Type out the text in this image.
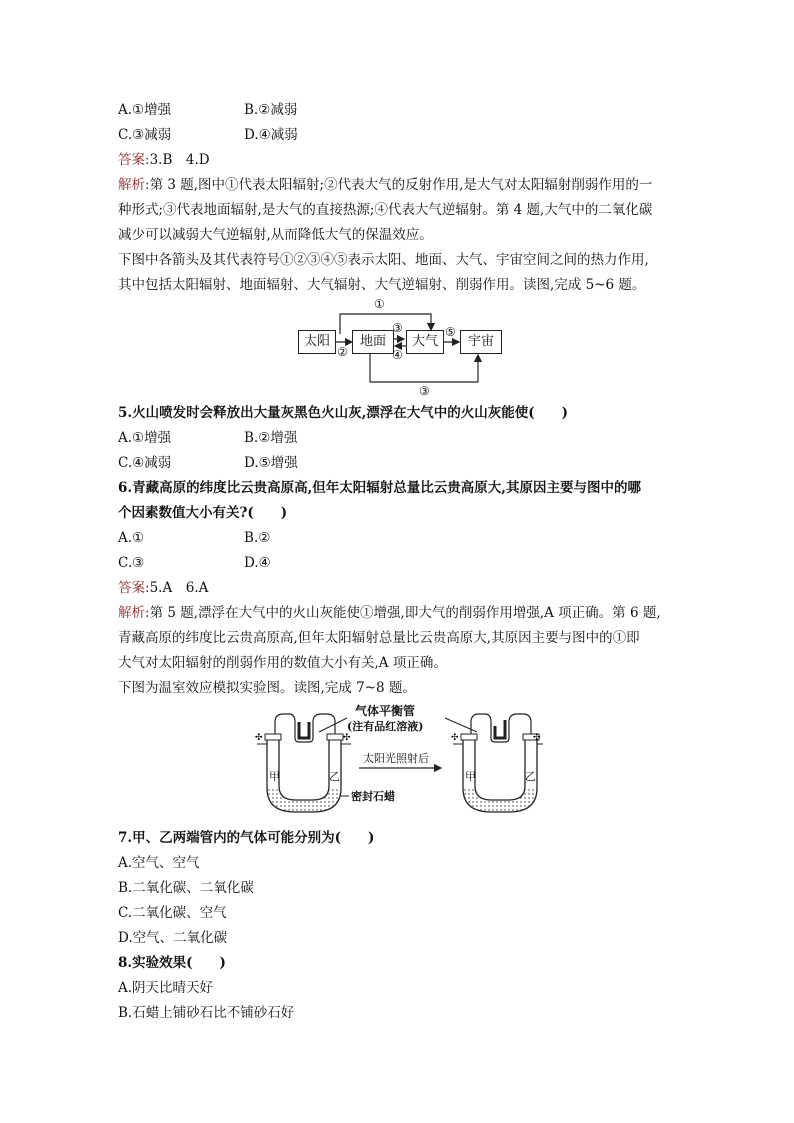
A.①增强	B.②减弱
C.③减弱	D.④减弱
答案:3.B　4.D
解析:第 3 题,图中①代表太阳辐射;②代表大气的反射作用,是大气对太阳辐射削弱作用的一
种形式;③代表地面辐射,是大气的直接热源;④代表大气逆辐射。第 4 题,大气中的二氧化碳
减少可以减弱大气逆辐射,从而降低大气的保温效应。
下图中各箭头及其代表符号①②③④⑤表示太阳、地面、大气、宇宙空间之间的热力作用,
其中包括太阳辐射、地面辐射、大气辐射、大气逆辐射、削弱作用。读图,完成 5~6 题。
太阳	地面	大气	宇宙
①
②
③
④
⑤
③
5.火山喷发时会释放出大量灰黑色火山灰,漂浮在大气中的火山灰能使(　　)
A.①增强	B.②增强
C.④减弱	D.⑤增强
6.青藏高原的纬度比云贵高原高,但年太阳辐射总量比云贵高原大,其原因主要与图中的哪
个因素数值大小有关?(　　)
A.①	B.②
C.③	D.④
答案:5.A　6.A
解析:第 5 题,漂浮在大气中的火山灰能使①增强,即大气的削弱作用增强,A 项正确。第 6 题,
青藏高原的纬度比云贵高原高,但年太阳辐射总量比云贵高原大,其原因主要与图中的①即
大气对太阳辐射的削弱作用的数值大小有关,A 项正确。
下图为温室效应模拟实验图。读图,完成 7~8 题。
✣	✣	✣	✣
气体平衡管
(注有品红溶液)
太阳光照射后
密封石蜡
甲	乙	甲	乙
7.甲、乙两端管内的气体可能分别为(　　)
A.空气、空气
B.二氧化碳、二氧化碳
C.二氧化碳、空气
D.空气、二氧化碳
8.实验效果(　　)
A.阴天比晴天好
B.石蜡上铺砂石比不铺砂石好
